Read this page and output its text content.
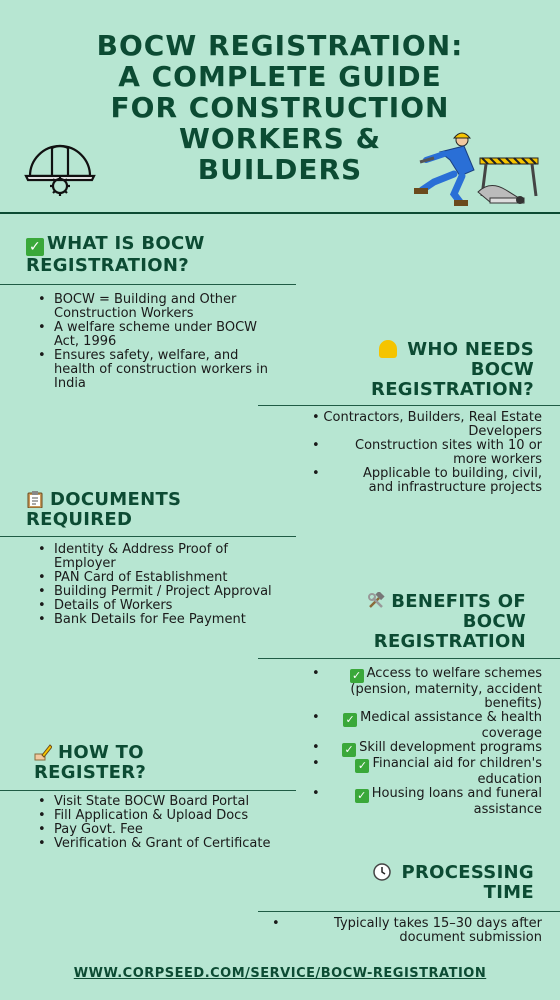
BOCW REGISTRATION:
A COMPLETE GUIDE
FOR CONSTRUCTION
WORKERS &
BUILDERS
✓ WHAT IS BOCW
REGISTRATION?
• BOCW = Building and Other Construction Workers
• A welfare scheme under BOCW Act, 1996
• Ensures safety, welfare, and health of construction workers in India
WHO NEEDS
BOCW
REGISTRATION?
• Contractors, Builders, Real Estate Developers
•	Construction sites with 10 or more workers
•	Applicable to building, civil, and infrastructure projects
DOCUMENTS
REQUIRED
• Identity & Address Proof of Employer
• PAN Card of Establishment
• Building Permit / Project Approval
• Details of Workers
• Bank Details for Fee Payment
BENEFITS OF
BOCW
REGISTRATION
•	✓ Access to welfare schemes (pension, maternity, accident benefits)
• ✓ Medical assistance & health coverage
• ✓ Skill development programs
•	✓ Financial aid for children's education
•	✓ Housing loans and funeral assistance
HOW TO
REGISTER?
• Visit State BOCW Board Portal
• Fill Application & Upload Docs
• Pay Govt. Fee
• Verification & Grant of Certificate
PROCESSING
TIME
•	Typically takes 15–30 days after document submission
WWW.CORPSEED.COM/SERVICE/BOCW-REGISTRATION
